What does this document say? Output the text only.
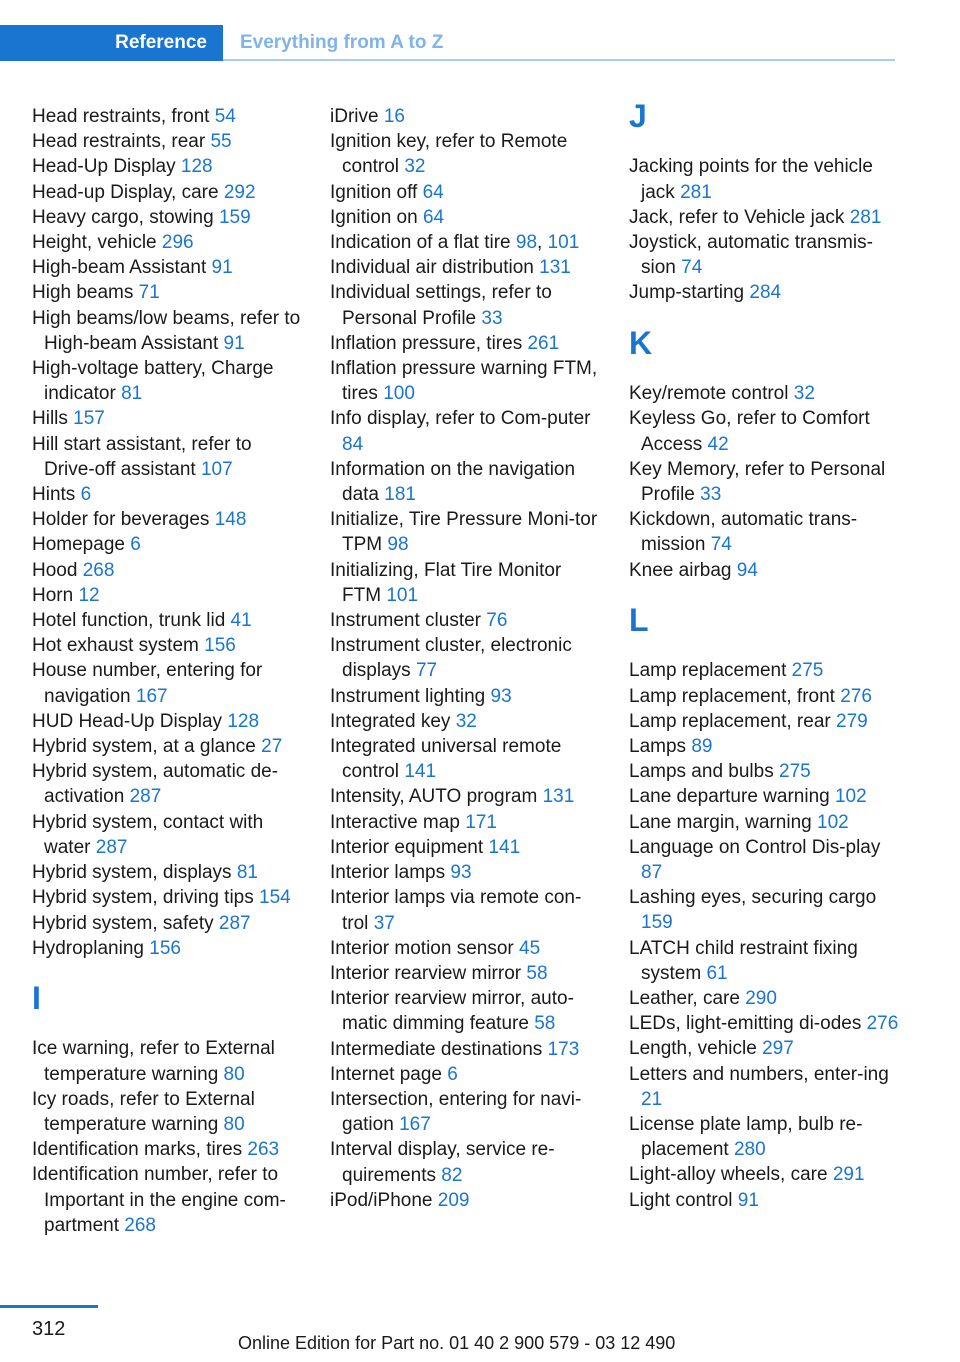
Reference	Everything from A to Z
Head restraints, front 54
Head restraints, rear 55
Head-Up Display 128
Head-up Display, care 292
Heavy cargo, stowing 159
Height, vehicle 296
High-beam Assistant 91
High beams 71
High beams/low beams, refer to High-beam Assistant 91
High-voltage battery, Charge indicator 81
Hills 157
Hill start assistant, refer to Drive-off assistant 107
Hints 6
Holder for beverages 148
Homepage 6
Hood 268
Horn 12
Hotel function, trunk lid 41
Hot exhaust system 156
House number, entering for navigation 167
HUD Head-Up Display 128
Hybrid system, at a glance 27
Hybrid system, automatic de-activation 287
Hybrid system, contact with water 287
Hybrid system, displays 81
Hybrid system, driving tips 154
Hybrid system, safety 287
Hydroplaning 156
I
Ice warning, refer to External temperature warning 80
Icy roads, refer to External temperature warning 80
Identification marks, tires 263
Identification number, refer to Important in the engine com-partment 268
iDrive 16
Ignition key, refer to Remote control 32
Ignition off 64
Ignition on 64
Indication of a flat tire 98, 101
Individual air distribution 131
Individual settings, refer to Personal Profile 33
Inflation pressure, tires 261
Inflation pressure warning FTM, tires 100
Info display, refer to Com-puter 84
Information on the navigation data 181
Initialize, Tire Pressure Moni-tor TPM 98
Initializing, Flat Tire Monitor FTM 101
Instrument cluster 76
Instrument cluster, electronic displays 77
Instrument lighting 93
Integrated key 32
Integrated universal remote control 141
Intensity, AUTO program 131
Interactive map 171
Interior equipment 141
Interior lamps 93
Interior lamps via remote con-trol 37
Interior motion sensor 45
Interior rearview mirror 58
Interior rearview mirror, auto-matic dimming feature 58
Intermediate destinations 173
Internet page 6
Intersection, entering for navi-gation 167
Interval display, service re-quirements 82
iPod/iPhone 209
J
Jacking points for the vehicle jack 281
Jack, refer to Vehicle jack 281
Joystick, automatic transmis-sion 74
Jump-starting 284
K
Key/remote control 32
Keyless Go, refer to Comfort Access 42
Key Memory, refer to Personal Profile 33
Kickdown, automatic trans-mission 74
Knee airbag 94
L
Lamp replacement 275
Lamp replacement, front 276
Lamp replacement, rear 279
Lamps 89
Lamps and bulbs 275
Lane departure warning 102
Lane margin, warning 102
Language on Control Dis-play 87
Lashing eyes, securing cargo 159
LATCH child restraint fixing system 61
Leather, care 290
LEDs, light-emitting di-odes 276
Length, vehicle 297
Letters and numbers, enter-ing 21
License plate lamp, bulb re-placement 280
Light-alloy wheels, care 291
Light control 91
312
Online Edition for Part no. 01 40 2 900 579 - 03 12 490
